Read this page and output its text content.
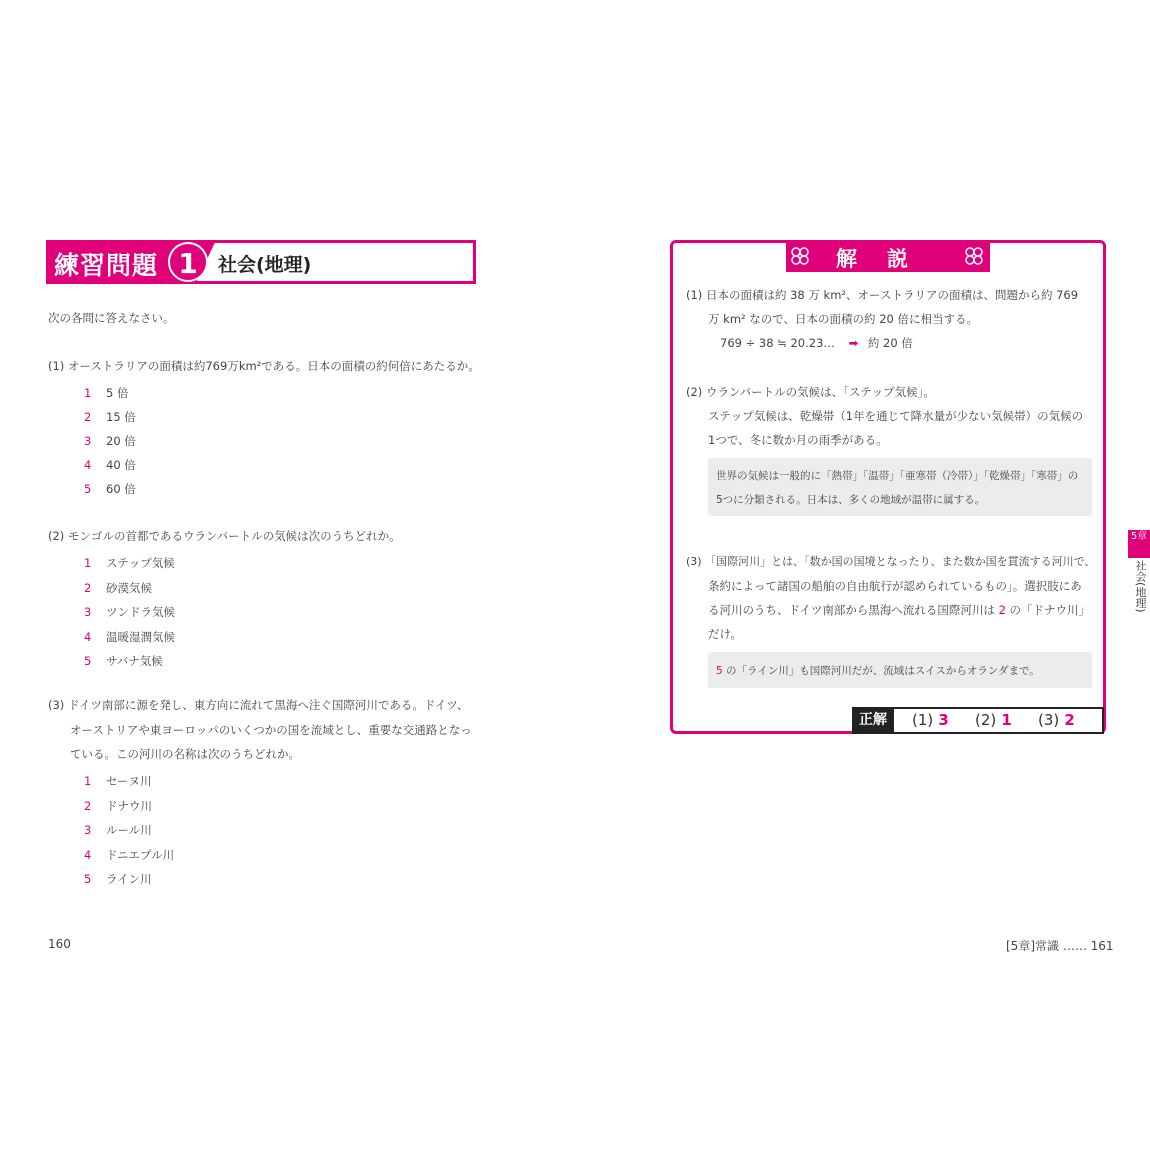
練習問題 1	社会(地理)
次の各問に答えなさい。
(1) オーストラリアの面積は約769万km²である。日本の面積の約何倍にあたるか。
1 5 倍
2 15 倍
3 20 倍
4 40 倍
5 60 倍
(2) モンゴルの首都であるウランバートルの気候は次のうちどれか。
1 ステップ気候
2 砂漠気候
3 ツンドラ気候
4 温暖湿潤気候
5 サバナ気候
(3) ドイツ南部に源を発し、東方向に流れて黒海へ注ぐ国際河川である。ドイツ、
オーストリアや東ヨーロッパのいくつかの国を流域とし、重要な交通路となっ
ている。この河川の名称は次のうちどれか。
1 セーヌ川
2 ドナウ川
3 ルール川
4 ドニエプル川
5 ライン川
160
解説
(1) 日本の面積は約 38 万 km²、オーストラリアの面積は、問題から約 769
万 km² なので、日本の面積の約 20 倍に相当する。
769 ÷ 38 ≒ 20.23… ➡ 約 20 倍
(2) ウランバートルの気候は、「ステップ気候」。
ステップ気候は、乾燥帯（1年を通じて降水量が少ない気候帯）の気候の
1つで、冬に数か月の雨季がある。
世界の気候は一般的に「熱帯」「温帯」「亜寒帯（冷帯）」「乾燥帯」「寒帯」の
5つに分類される。日本は、多くの地域が温帯に属する。
(3) 「国際河川」とは、「数か国の国境となったり、また数か国を貫流する河川で、
条約によって諸国の船舶の自由航行が認められているもの」。選択肢にあ
る河川のうち、ドイツ南部から黒海へ流れる国際河川は 2 の「ドナウ川」
だけ。
5 の「ライン川」も国際河川だが、流域はスイスからオランダまで。
正解	(1) 3 (2) 1 (3) 2
5章
社会(地理)
[5章]常識 …… 161
